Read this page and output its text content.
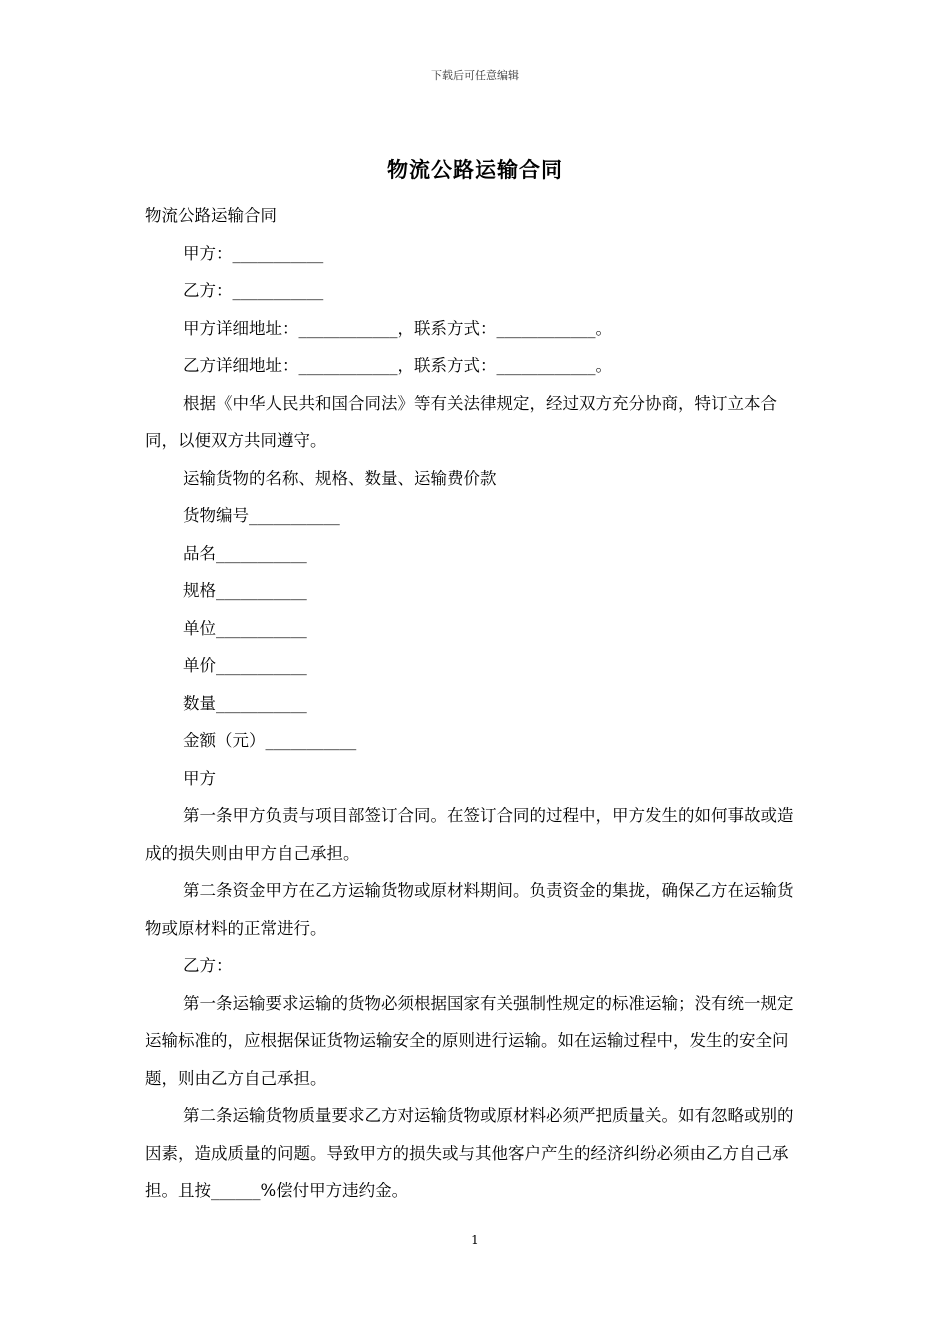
下载后可任意编辑
物流公路运输合同

物流公路运输合同

甲方：___________

乙方：___________

甲方详细地址：____________，联系方式：____________。

乙方详细地址：____________，联系方式：____________。

根据《中华人民共和国合同法》等有关法律规定，经过双方充分协商，特订立本合同，以便双方共同遵守。

运输货物的名称、规格、数量、运输费价款

货物编号___________

品名___________

规格___________

单位___________

单价___________

数量___________

金额（元）___________

甲方

第一条甲方负责与项目部签订合同。在签订合同的过程中，甲方发生的如何事故或造成的损失则由甲方自己承担。

第二条资金甲方在乙方运输货物或原材料期间。负责资金的集拢，确保乙方在运输货物或原材料的正常进行。

乙方：

第一条运输要求运输的货物必须根据国家有关强制性规定的标准运输；没有统一规定运输标准的，应根据保证货物运输安全的原则进行运输。如在运输过程中，发生的安全问题，则由乙方自己承担。

第二条运输货物质量要求乙方对运输货物或原材料必须严把质量关。如有忽略或别的因素，造成质量的问题。导致甲方的损失或与其他客户产生的经济纠纷必须由乙方自己承担。且按______%偿付甲方违约金。

1
